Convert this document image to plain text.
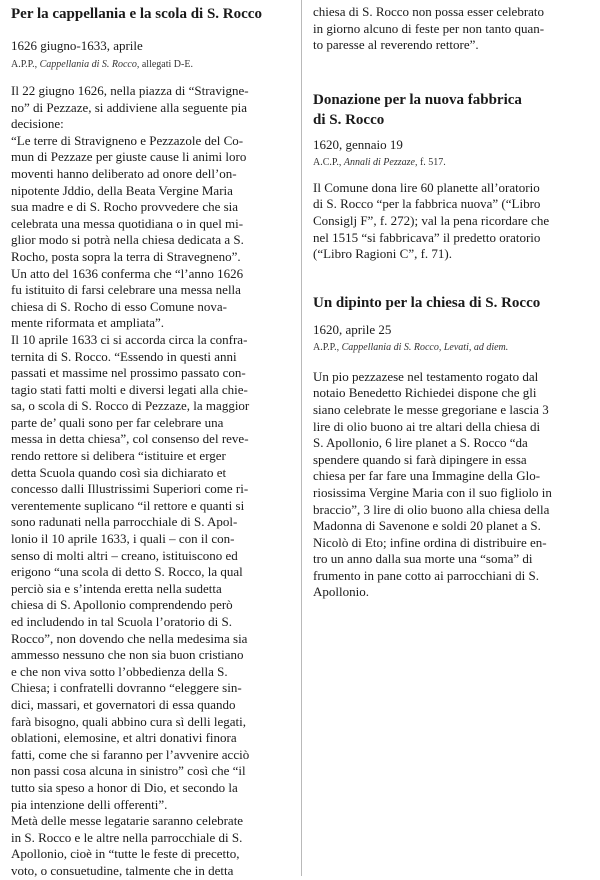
Per la cappellania e la scola di S. Rocco
1626 giugno-1633, aprile
A.P.P., Cappellania di S. Rocco, allegati D-E.
Il 22 giugno 1626, nella piazza di “Stravigne-
no” di Pezzaze, si addiviene alla seguente pia
decisione:
“Le terre di Stravigneno e Pezzazole del Co-
mun di Pezzaze per giuste cause li animi loro
moventi hanno deliberato ad onore dell’on-
nipotente Jddio, della Beata Vergine Maria
sua madre e di S. Rocho provvedere che sia
celebrata una messa quotidiana o in quel mi-
glior modo si potrà nella chiesa dedicata a S.
Rocho, posta sopra la terra di Stravegneno”.
Un atto del 1636 conferma che “l’anno 1626
fu istituito di farsi celebrare una messa nella
chiesa di S. Rocho di esso Comune nova-
mente riformata et ampliata”.
Il 10 aprile 1633 ci si accorda circa la confra-
ternita di S. Rocco. “Essendo in questi anni
passati et massime nel prossimo passato con-
tagio stati fatti molti e diversi legati alla chie-
sa, o scola di S. Rocco di Pezzaze, la maggior
parte de’ quali sono per far celebrare una
messa in detta chiesa”, col consenso del reve-
rendo rettore si delibera “istituire et erger
detta Scuola quando così sia dichiarato et
concesso dalli Illustrissimi Superiori come ri-
verentemente suplicano “il rettore e quanti si
sono radunati nella parrocchiale di S. Apol-
lonio il 10 aprile 1633, i quali – con il con-
senso di molti altri – creano, istituiscono ed
erigono “una scola di detto S. Rocco, la qual
perciò sia e s’intenda eretta nella sudetta
chiesa di S. Apollonio comprendendo però
ed includendo in tal Scuola l’oratorio di S.
Rocco”, non dovendo che nella medesima sia
ammesso nessuno che non sia buon cristiano
e che non viva sotto l’obbedienza della S.
Chiesa; i confratelli dovranno “eleggere sin-
dici, massari, et governatori di essa quando
farà bisogno, quali abbino cura sì delli legati,
oblationi, elemosine, et altri donativi finora
fatti, come che si faranno per l’avvenire acciò
non passi cosa alcuna in sinistro” così che “il
tutto sia speso a honor di Dio, et secondo la
pia intenzione delli offerenti”.
Metà delle messe legatarie saranno celebrate
in S. Rocco e le altre nella parrocchiale di S.
Apollonio, cioè in “tutte le feste di precetto,
voto, o consuetudine, talmente che in detta
chiesa di S. Rocco non possa esser celebrato
in giorno alcuno di feste per non tanto quan-
to paresse al reverendo rettore”.
Donazione per la nuova fabbrica
di S. Rocco
1620, gennaio 19
A.C.P., Annali di Pezzaze, f. 517.
Il Comune dona lire 60 planette all’oratorio
di S. Rocco “per la fabbrica nuova” (“Libro
Consiglj F”, f. 272); val la pena ricordare che
nel 1515 “si fabbricava” il predetto oratorio
(“Libro Ragioni C”, f. 71).
Un dipinto per la chiesa di S. Rocco
1620, aprile 25
A.P.P., Cappellania di S. Rocco, Levati, ad diem.
Un pio pezzazese nel testamento rogato dal
notaio Benedetto Richiedei dispone che gli
siano celebrate le messe gregoriane e lascia 3
lire di olio buono ai tre altari della chiesa di
S. Apollonio, 6 lire planet a S. Rocco “da
spendere quando si farà dipingere in essa
chiesa per far fare una Immagine della Glo-
riosissima Vergine Maria con il suo figliolo in
braccio”, 3 lire di olio buono alla chiesa della
Madonna di Savenone e soldi 20 planet a S.
Nicolò di Eto; infine ordina di distribuire en-
tro un anno dalla sua morte una “soma” di
frumento in pane cotto ai parrocchiani di S.
Apollonio.
